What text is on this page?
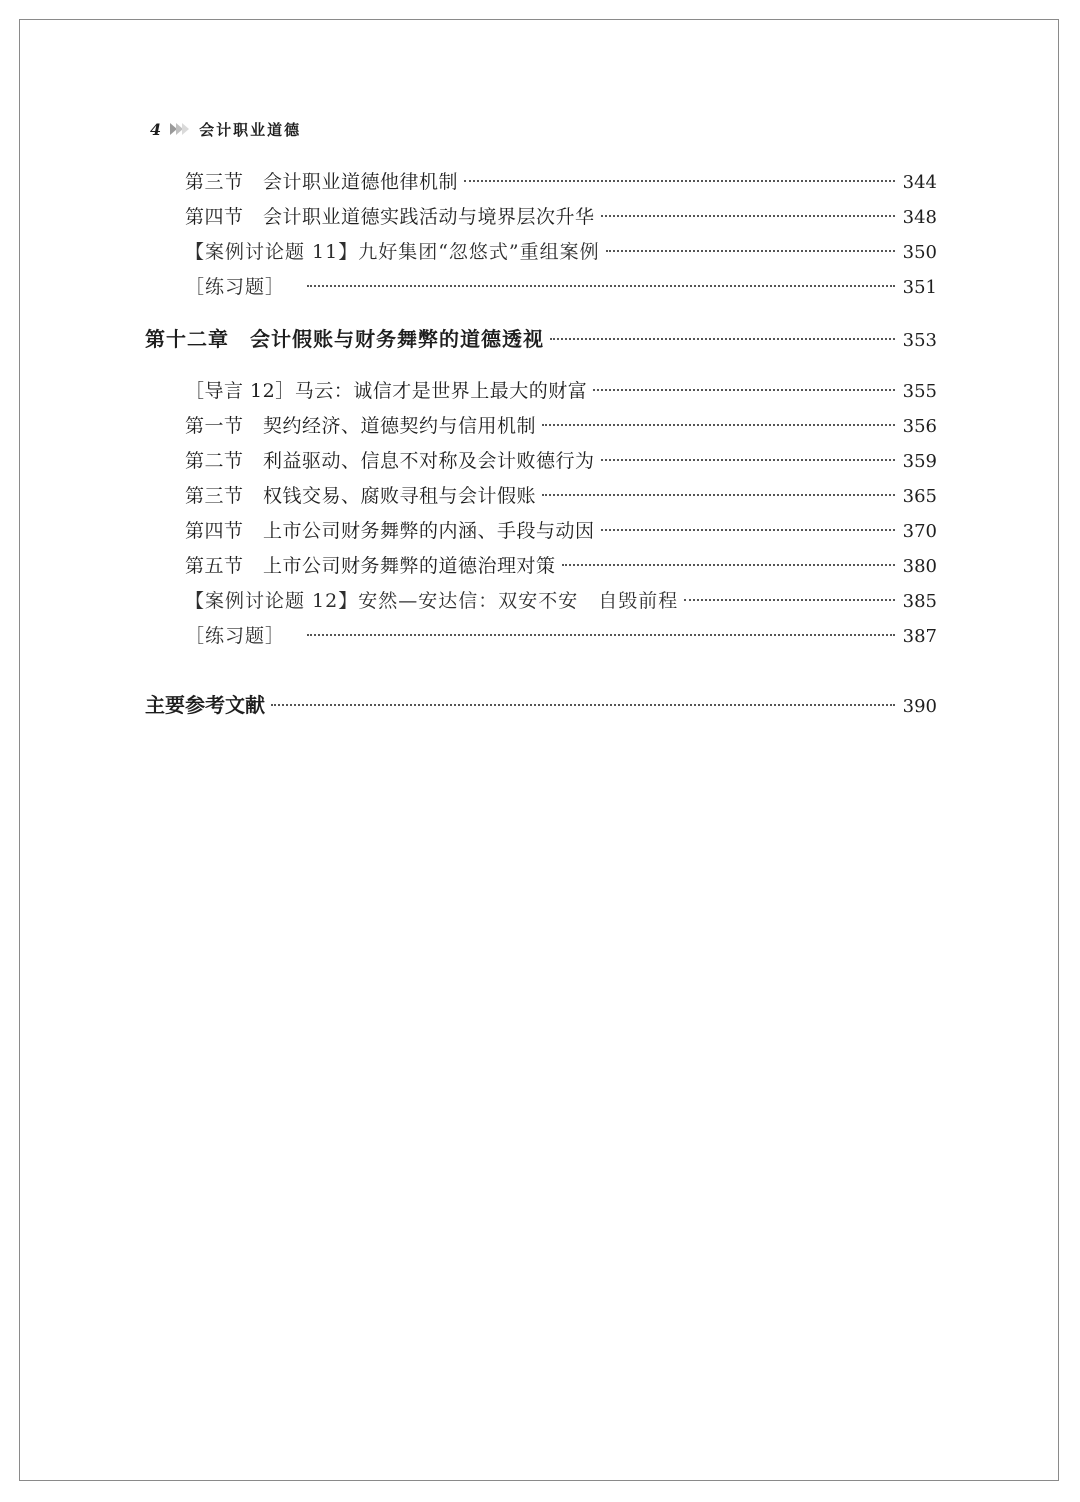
4	会计职业道德
第三节　会计职业道德他律机制	344
第四节　会计职业道德实践活动与境界层次升华	348
【案例讨论题 11】九好集团“忽悠式”重组案例	350
［练习题］	351
第十二章　会计假账与财务舞弊的道德透视	353
［导言 12］马云：诚信才是世界上最大的财富	355
第一节　契约经济、道德契约与信用机制	356
第二节　利益驱动、信息不对称及会计败德行为	359
第三节　权钱交易、腐败寻租与会计假账	365
第四节　上市公司财务舞弊的内涵、手段与动因	370
第五节　上市公司财务舞弊的道德治理对策	380
【案例讨论题 12】安然—安达信：双安不安　自毁前程	385
［练习题］	387
主要参考文献	390
